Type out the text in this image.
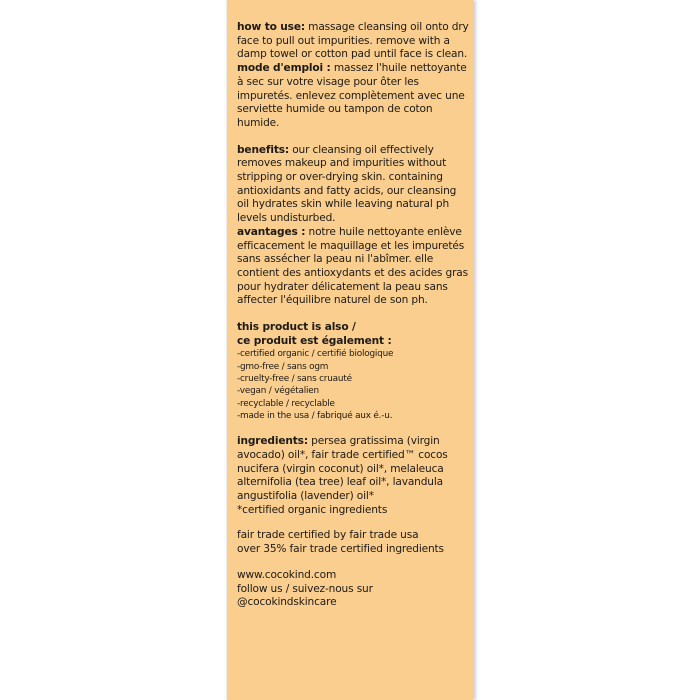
how to use: massage cleansing oil onto dry face to pull out impurities. remove with a damp towel or cotton pad until face is clean.

mode d'emploi : massez l'huile nettoyante à sec sur votre visage pour ôter les impuretés. enlevez complètement avec une serviette humide ou tampon de coton humide.

benefits: our cleansing oil effectively removes makeup and impurities without stripping or over-drying skin. containing antioxidants and fatty acids, our cleansing oil hydrates skin while leaving natural ph levels undisturbed.

avantages : notre huile nettoyante enlève efficacement le maquillage et les impuretés sans assécher la peau ni l'abîmer. elle contient des antioxydants et des acides gras pour hydrater délicatement la peau sans affecter l'équilibre naturel de son ph.

this product is also /

ce produit est également :

-certified organic / certifié biologique
-gmo-free / sans ogm
-cruelty-free / sans cruauté
-vegan / végétalien
-recyclable / recyclable
-made in the usa / fabriqué aux é.-u.

ingredients: persea gratissima (virgin avocado) oil*, fair trade certified™ cocos nucifera (virgin coconut) oil*, melaleuca alternifolia (tea tree) leaf oil*, lavandula angustifolia (lavender) oil*

*certified organic ingredients

fair trade certified by fair trade usa

over 35% fair trade certified ingredients

www.cocokind.com

follow us / suivez-nous sur

@cocokindskincare
